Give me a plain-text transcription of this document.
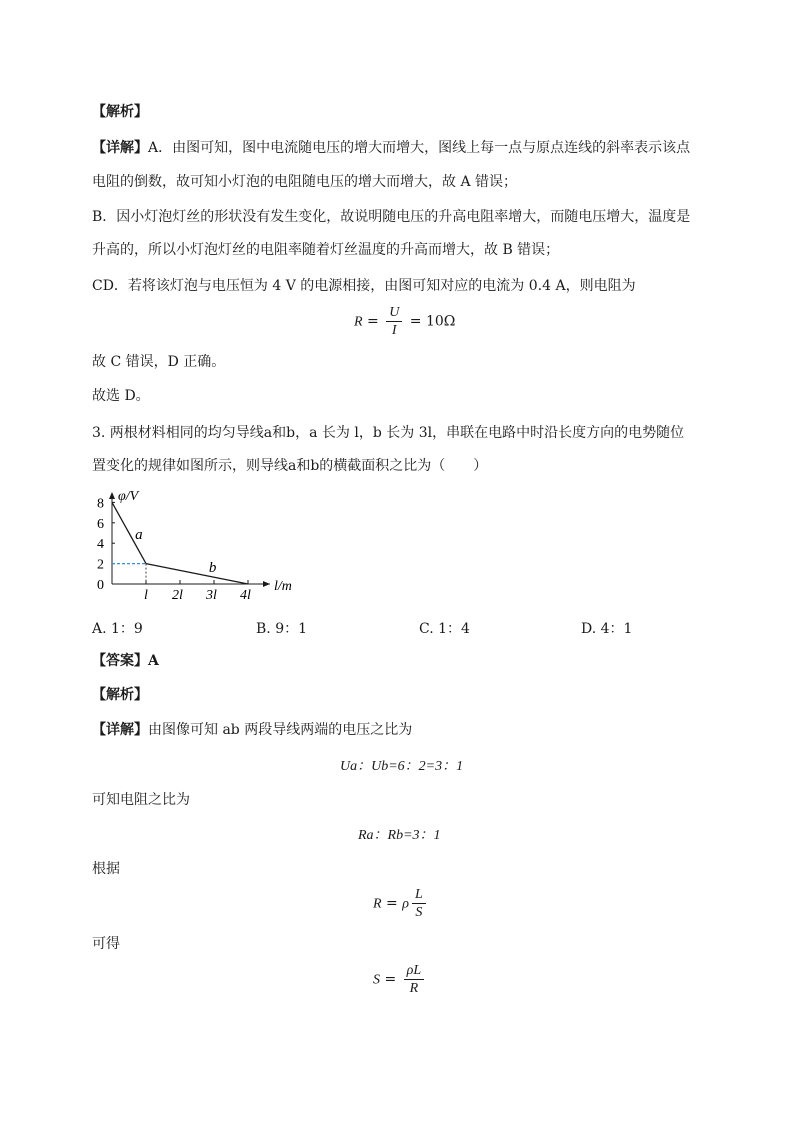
【解析】
【详解】A．由图可知，图中电流随电压的增大而增大，图线上每一点与原点连线的斜率表示该点
电阻的倒数，故可知小灯泡的电阻随电压的增大而增大，故 A 错误；
B．因小灯泡灯丝的形状没有发生变化，故说明随电压的升高电阻率增大，而随电压增大，温度是
升高的，所以小灯泡灯丝的电阻率随着灯丝温度的升高而增大，故 B 错误；
CD．若将该灯泡与电压恒为 4 V 的电源相接，由图可知对应的电流为 0.4 A，则电阻为
$R = \frac{U}{I} = 10\Omega$
故 C 错误，D 正确。
故选 D。
3. 两根材料相同的均匀导线a和b，a 长为 l，b 长为 3l，串联在电路中时沿长度方向的电势随位
置变化的规律如图所示，则导线a和b的横截面积之比为（　　）
8
6
4
2
0
l 2l 3l 4l
φ/V
l/m
a
b
A. 1：9	B. 9：1	C. 1：4	D. 4：1
【答案】A
【解析】
【详解】由图像可知 ab 两段导线两端的电压之比为
Ua：Ub=6：2=3：1
可知电阻之比为
Ra：Rb=3：1
根据
R = ρ $\frac{L}{S}$
可得
$S = \frac{\rho L}{R}$
